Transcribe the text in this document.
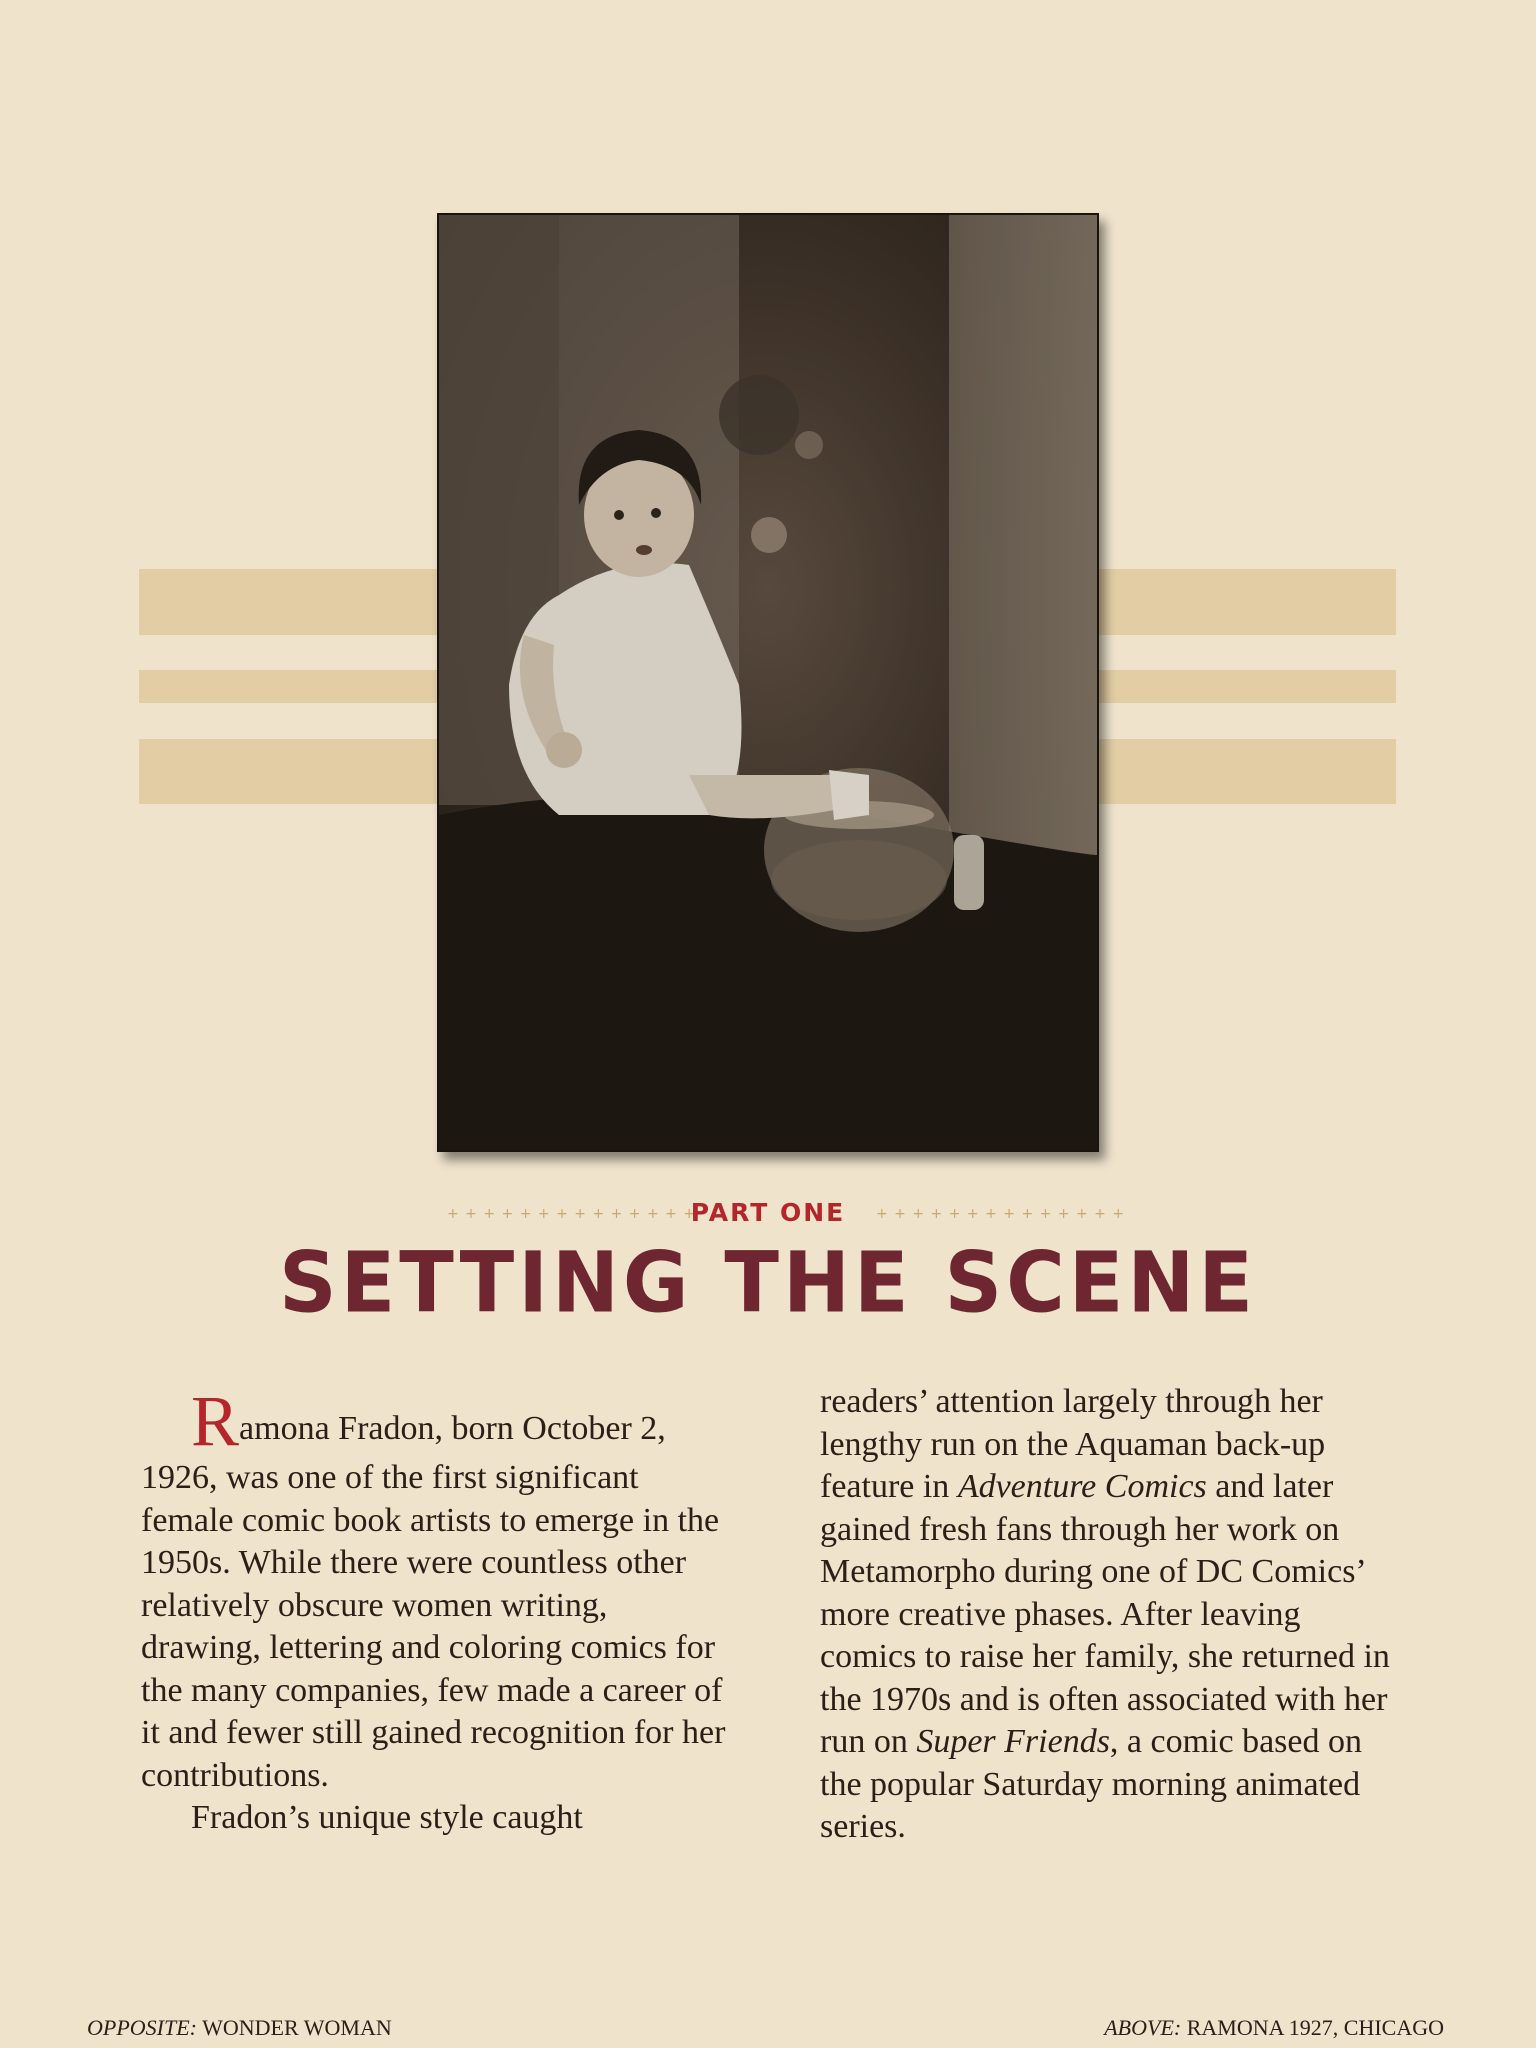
+ + + + + + + + + + + + + +	+ + + + + + + + + + + + + +
PART ONE
SETTING THE SCENE

Ramona Fradon, born October 2, 1926, was one of the first significant female comic book artists to emerge in the 1950s. While there were countless other relatively obscure women writing, drawing, lettering and coloring comics for the many companies, few made a career of it and fewer still gained recognition for her contributions.

Fradon’s unique style caught

readers’ attention largely through her lengthy run on the Aquaman back-up feature in Adventure Comics and later gained fresh fans through her work on Metamorpho during one of DC Comics’ more creative phases. After leaving comics to raise her family, she returned in the 1970s and is often associated with her run on Super Friends, a comic based on the popular Saturday morning animated series.

OPPOSITE: WONDER WOMAN	ABOVE: RAMONA 1927, CHICAGO
